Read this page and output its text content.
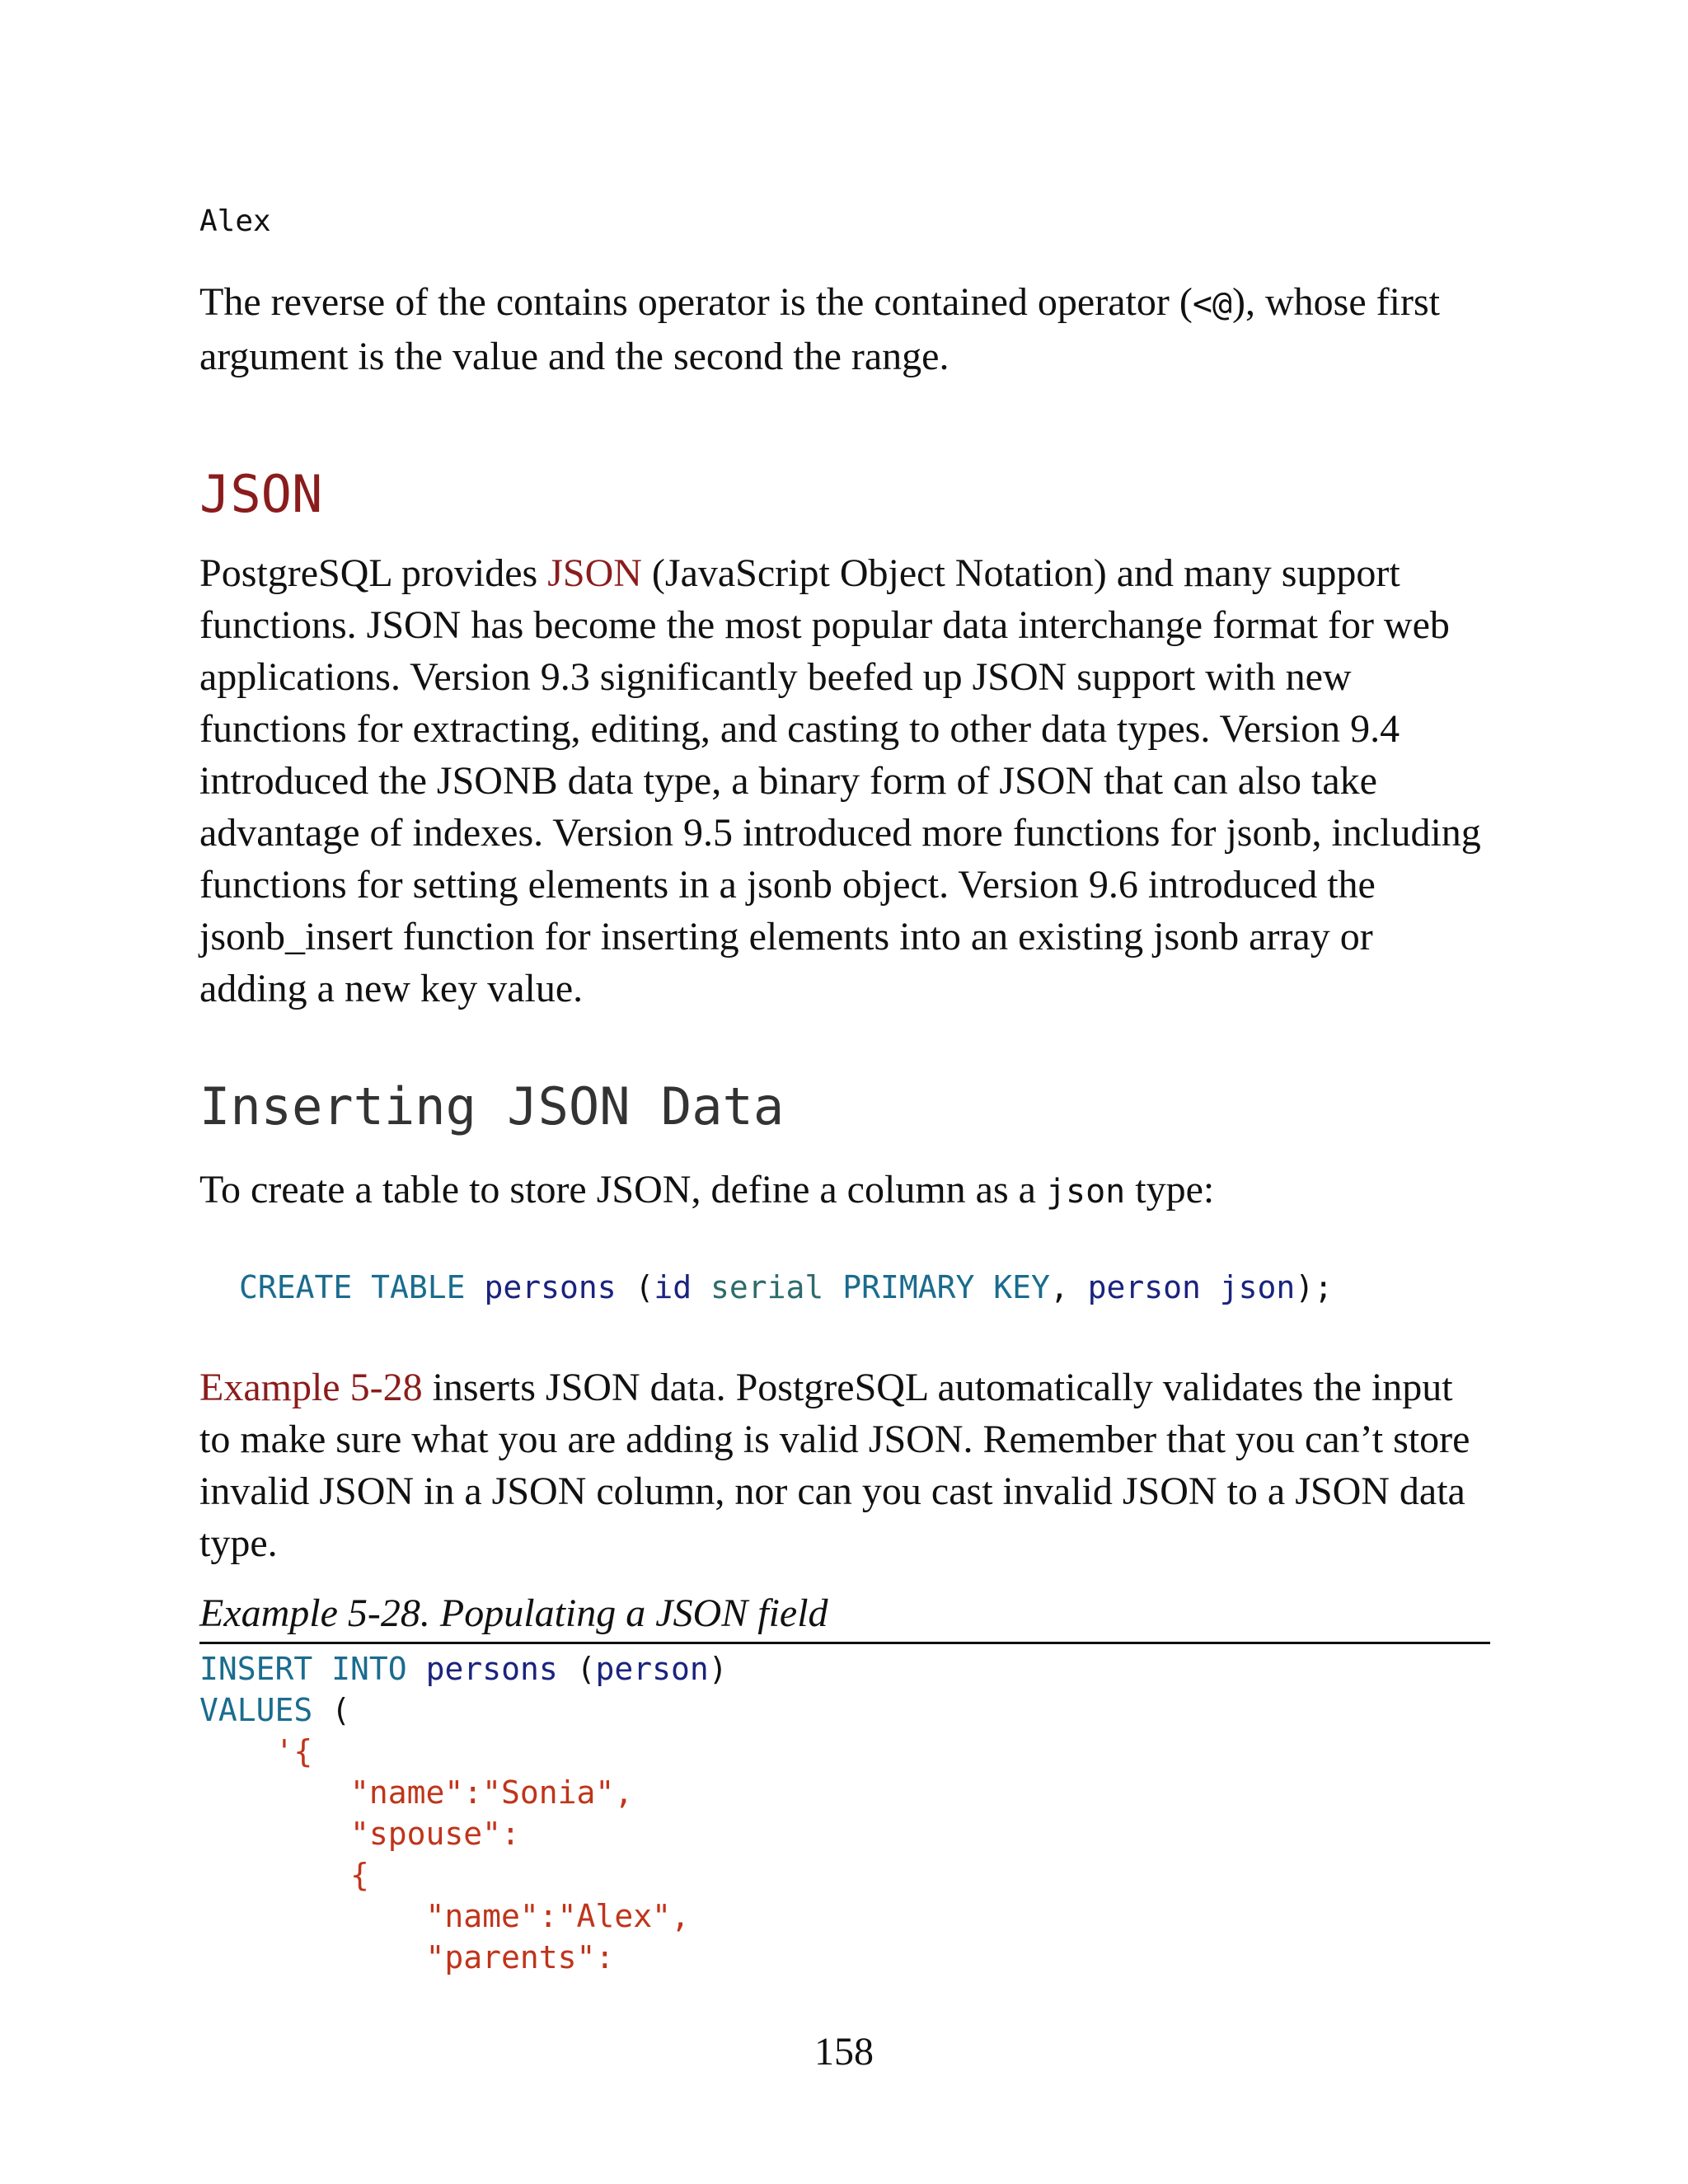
Alex

The reverse of the contains operator is the contained operator (<@), whose first argument is the value and the second the range.

JSON

PostgreSQL provides JSON (JavaScript Object Notation) and many support functions. JSON has become the most popular data interchange format for web applications. Version 9.3 significantly beefed up JSON support with new functions for extracting, editing, and casting to other data types. Version 9.4 introduced the JSONB data type, a binary form of JSON that can also take advantage of indexes. Version 9.5 introduced more functions for jsonb, including functions for setting elements in a jsonb object. Version 9.6 introduced the jsonb_insert function for inserting elements into an existing jsonb array or adding a new key value.

Inserting JSON Data

To create a table to store JSON, define a column as a json type:

CREATE TABLE persons (id serial PRIMARY KEY, person json);

Example 5-28 inserts JSON data. PostgreSQL automatically validates the input to make sure what you are adding is valid JSON. Remember that you can’t store invalid JSON in a JSON column, nor can you cast invalid JSON to a JSON data type.

Example 5-28. Populating a JSON field
INSERT INTO persons (person)
VALUES (
'{
"name":"Sonia",
"spouse":
{
"name":"Alex",
"parents":
158
